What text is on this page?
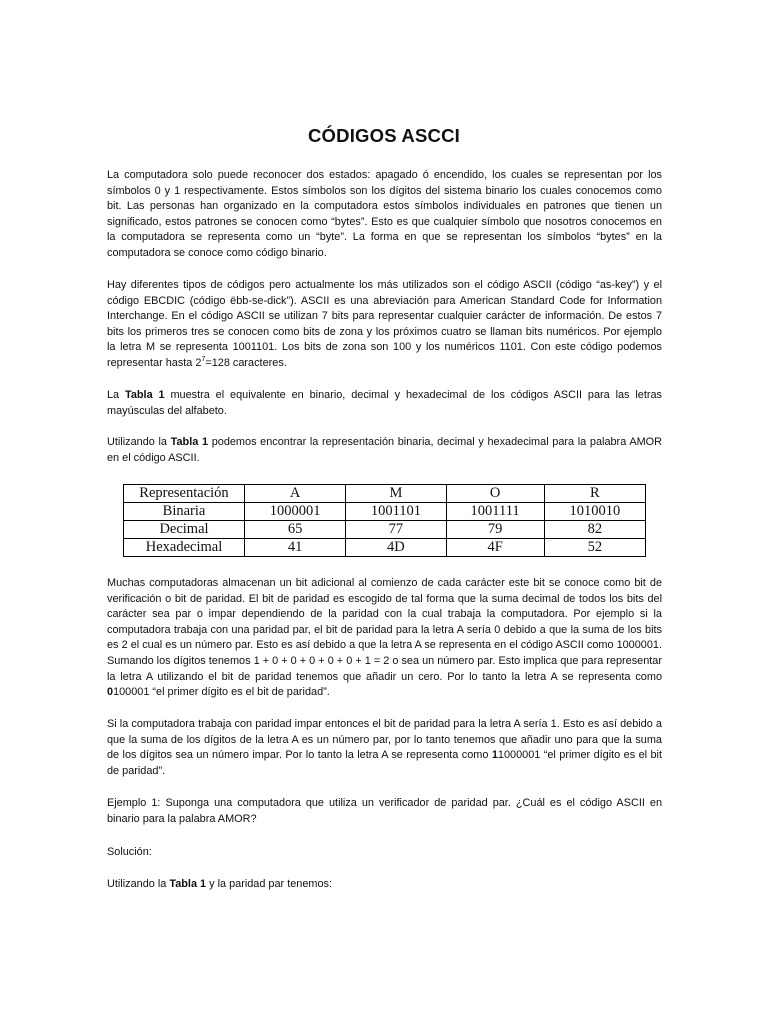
CÓDIGOS ASCCI

La computadora solo puede reconocer dos estados: apagado ó encendido, los cuales se representan por los símbolos 0 y 1 respectivamente. Estos símbolos son los dígitos del sistema binario los cuales conocemos como bit. Las personas han organizado en la computadora estos símbolos individuales en patrones que tienen un significado, estos patrones se conocen como “bytes”. Esto es que cualquier símbolo que nosotros conocemos en la computadora se representa como un “byte”. La forma en que se representan los símbolos “bytes” en la computadora se conoce como código binario.

Hay diferentes tipos de códigos pero actualmente los más utilizados son el código ASCII (código “as-key”) y el código EBCDIC (código ëbb-se-dick”). ASCII es una abreviación para American Standard Code for Information Interchange. En el código ASCII se utilizan 7 bits para representar cualquier carácter de información. De estos 7 bits los primeros tres se conocen como bits de zona y los próximos cuatro se llaman bits numéricos. Por ejemplo la letra M se representa 1001101. Los bits de zona son 100 y los numéricos 1101. Con este código podemos representar hasta $2^7=128$ caracteres.

La Tabla 1 muestra el equivalente en binario, decimal y hexadecimal de los códigos ASCII para las letras mayúsculas del alfabeto.

Utilizando la Tabla 1 podemos encontrar la representación binaria, decimal y hexadecimal para la palabra AMOR en el código ASCII.

Representación	A	M	O	R
Binaria	1000001	1001101	1001111	1010010
Decimal	65	77	79	82
Hexadecimal	41	4D	4F	52

Muchas computadoras almacenan un bit adicional al comienzo de cada carácter este bit se conoce como bit de verificación o bit de paridad. El bit de paridad es escogido de tal forma que la suma decimal de todos los bits del carácter sea par o impar dependiendo de la paridad con la cual trabaja la computadora. Por ejemplo si la computadora trabaja con una paridad par, el bit de paridad para la letra A sería 0 debido a que la suma de los bits es 2 el cual es un número par. Esto es así debido a que la letra A se representa en el código ASCII como 1000001. Sumando los dígitos tenemos 1 + 0 + 0 + 0 + 0 + 0 + 1 = 2 o sea un número par. Esto implica que para representar la letra A utilizando el bit de paridad tenemos que añadir un cero. Por lo tanto la letra A se representa como 0100001 “el primer dígito es el bit de paridad”.

Si la computadora trabaja con paridad impar entonces el bit de paridad para la letra A sería 1. Esto es así debido a que la suma de los dígitos de la letra A es un número par, por lo tanto tenemos que añadir uno para que la suma de los dígitos sea un número impar. Por lo tanto la letra A se representa como 11000001 “el primer dígito es el bit de paridad”.

Ejemplo 1: Suponga una computadora que utiliza un verificador de paridad par. ¿Cuál es el código ASCII en binario para la palabra AMOR?

Solución:

Utilizando la Tabla 1 y la paridad par tenemos:
